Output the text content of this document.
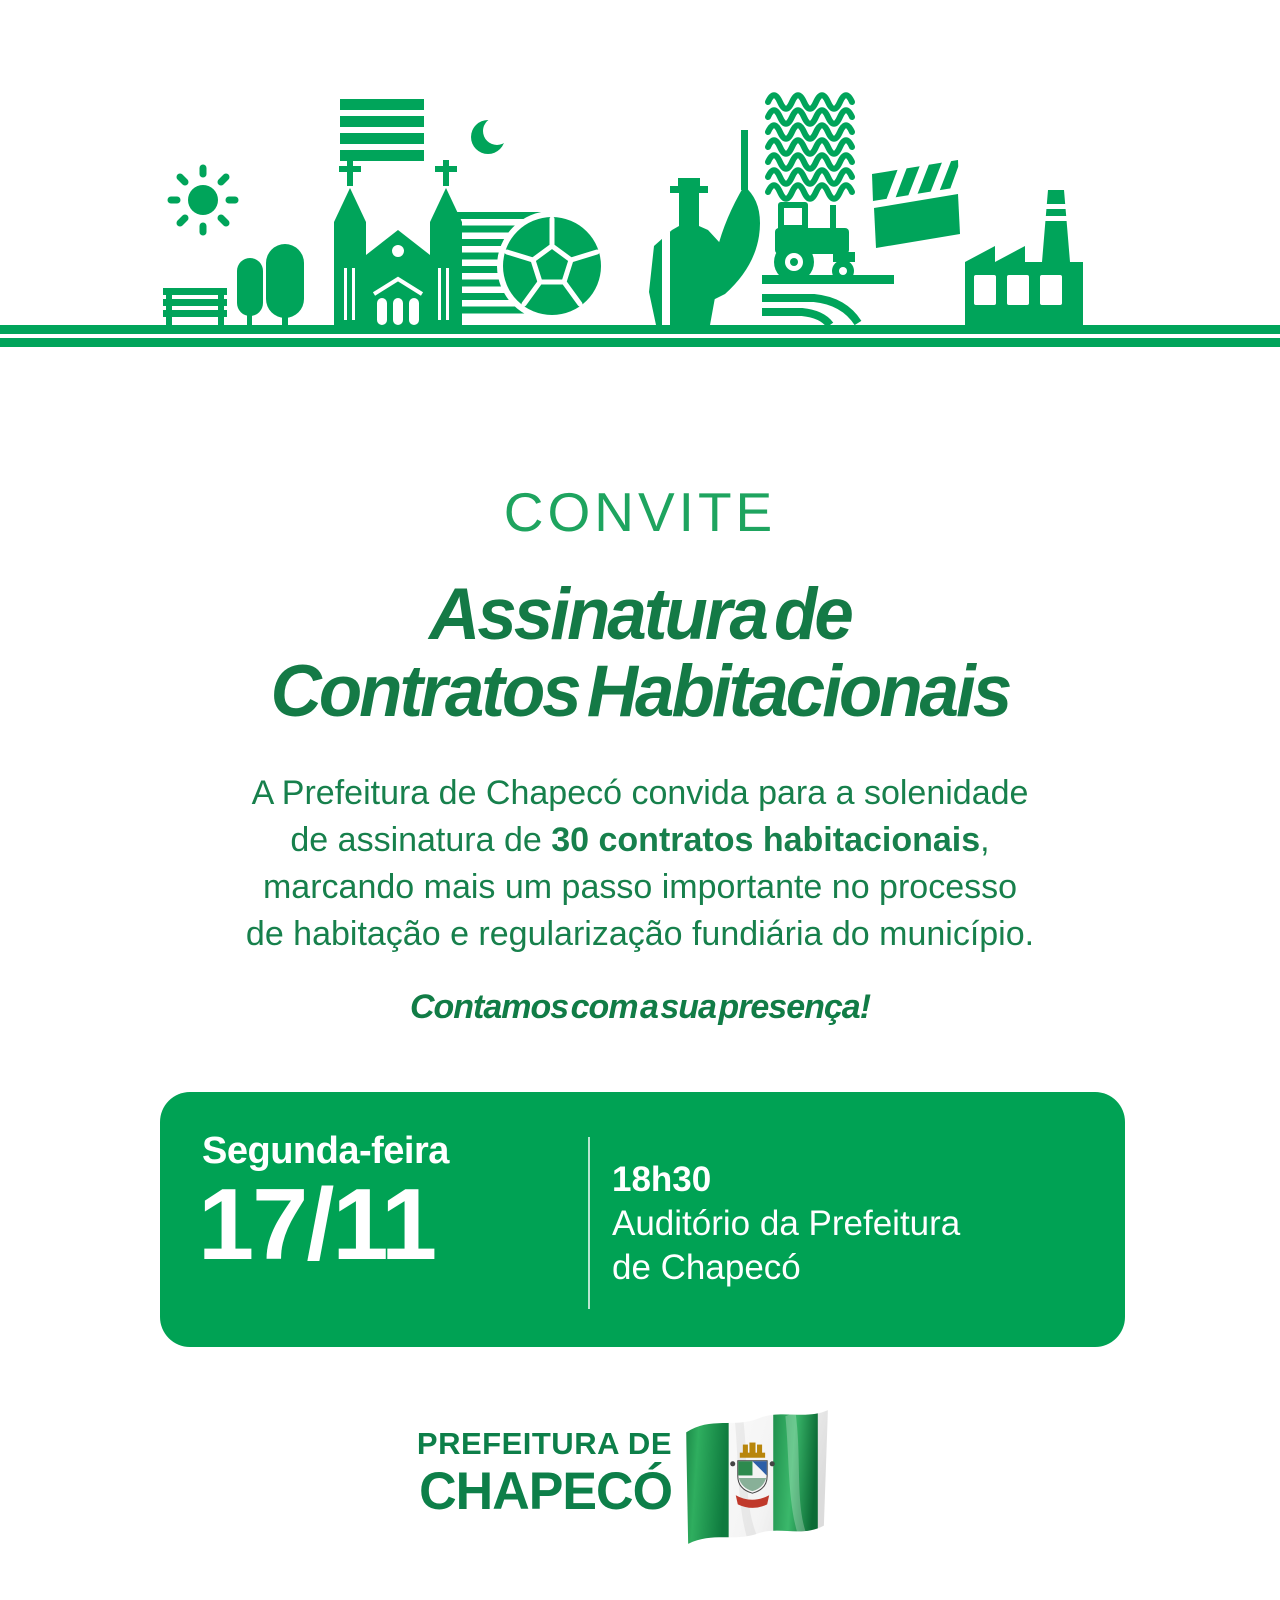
CONVITE
Assinatura de
Contratos Habitacionais
A Prefeitura de Chapecó convida para a solenidade
de assinatura de 30 contratos habitacionais,
marcando mais um passo importante no processo
de habitação e regularização fundiária do município.
Contamos com a sua presença!
Segunda-feira
17/11	18h30
Auditório da Prefeitura
de Chapecó
PREFEITURA DE
CHAPECÓ
